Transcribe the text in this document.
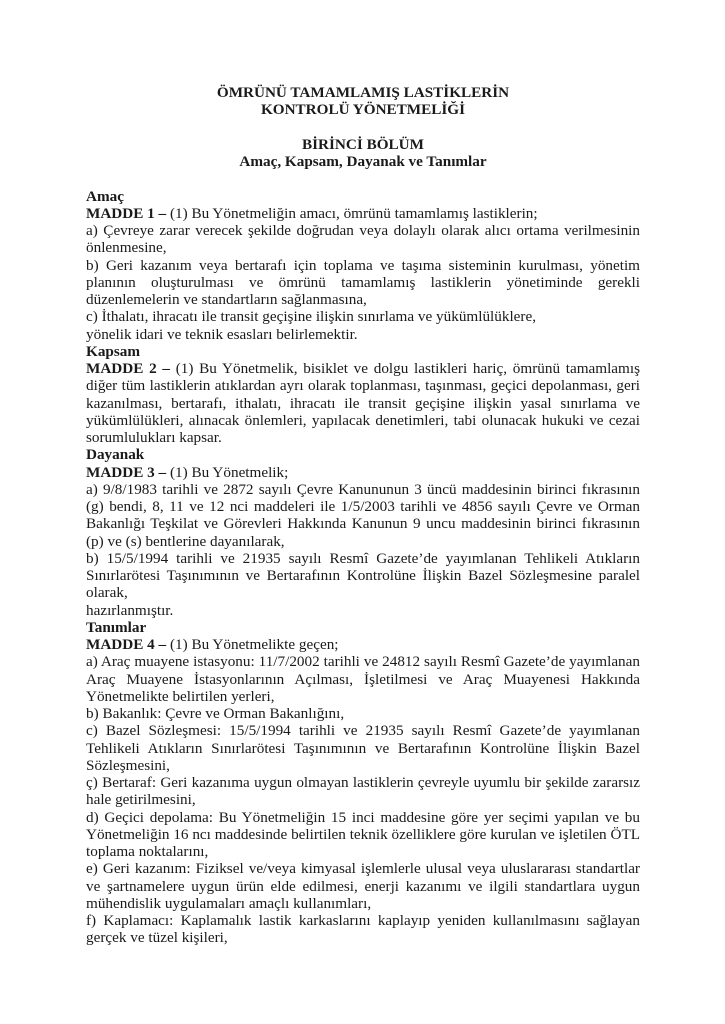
ÖMRÜNÜ TAMAMLAMIŞ LASTİKLERİN
KONTROLÜ YÖNETMELİĞİ
BİRİNCİ BÖLÜM
Amaç, Kapsam, Dayanak ve Tanımlar
Amaç
MADDE 1 – (1) Bu Yönetmeliğin amacı, ömrünü tamamlamış lastiklerin;
a) Çevreye zarar verecek şekilde doğrudan veya dolaylı olarak alıcı ortama verilmesinin önlenmesine,
b) Geri kazanım veya bertarafı için toplama ve taşıma sisteminin kurulması, yönetim planının oluşturulması ve ömrünü tamamlamış lastiklerin yönetiminde gerekli düzenlemelerin ve standartların sağlanmasına,
c) İthalatı, ihracatı ile transit geçişine ilişkin sınırlama ve yükümlülüklere,
yönelik idari ve teknik esasları belirlemektir.
Kapsam
MADDE 2 – (1) Bu Yönetmelik, bisiklet ve dolgu lastikleri hariç, ömrünü tamamlamış diğer tüm lastiklerin atıklardan ayrı olarak toplanması, taşınması, geçici depolanması, geri kazanılması, bertarafı, ithalatı, ihracatı ile transit geçişine ilişkin yasal sınırlama ve yükümlülükleri, alınacak önlemleri, yapılacak denetimleri, tabi olunacak hukuki ve cezai sorumlulukları kapsar.
Dayanak
MADDE 3 – (1) Bu Yönetmelik;
a) 9/8/1983 tarihli ve 2872 sayılı Çevre Kanununun 3 üncü maddesinin birinci fıkrasının (g) bendi, 8, 11 ve 12 nci maddeleri ile 1/5/2003 tarihli ve 4856 sayılı Çevre ve Orman Bakanlığı Teşkilat ve Görevleri Hakkında Kanunun 9 uncu maddesinin birinci fıkrasının (p) ve (s) bentlerine dayanılarak,
b) 15/5/1994 tarihli ve 21935 sayılı Resmî Gazete’de yayımlanan Tehlikeli Atıkların Sınırlarötesi Taşınımının ve Bertarafının Kontrolüne İlişkin Bazel Sözleşmesine paralel olarak,
hazırlanmıştır.
Tanımlar
MADDE 4 – (1) Bu Yönetmelikte geçen;
a) Araç muayene istasyonu: 11/7/2002 tarihli ve 24812 sayılı Resmî Gazete’de yayımlanan Araç Muayene İstasyonlarının Açılması, İşletilmesi ve Araç Muayenesi Hakkında Yönetmelikte belirtilen yerleri,
b) Bakanlık: Çevre ve Orman Bakanlığını,
c) Bazel Sözleşmesi: 15/5/1994 tarihli ve 21935 sayılı Resmî Gazete’de yayımlanan Tehlikeli Atıkların Sınırlarötesi Taşınımının ve Bertarafının Kontrolüne İlişkin Bazel Sözleşmesini,
ç) Bertaraf: Geri kazanıma uygun olmayan lastiklerin çevreyle uyumlu bir şekilde zararsız hale getirilmesini,
d) Geçici depolama: Bu Yönetmeliğin 15 inci maddesine göre yer seçimi yapılan ve bu Yönetmeliğin 16 ncı maddesinde belirtilen teknik özelliklere göre kurulan ve işletilen ÖTL toplama noktalarını,
e) Geri kazanım: Fiziksel ve/veya kimyasal işlemlerle ulusal veya uluslararası standartlar ve şartnamelere uygun ürün elde edilmesi, enerji kazanımı ve ilgili standartlara uygun mühendislik uygulamaları amaçlı kullanımları,
f) Kaplamacı: Kaplamalık lastik karkaslarını kaplayıp yeniden kullanılmasını sağlayan gerçek ve tüzel kişileri,
